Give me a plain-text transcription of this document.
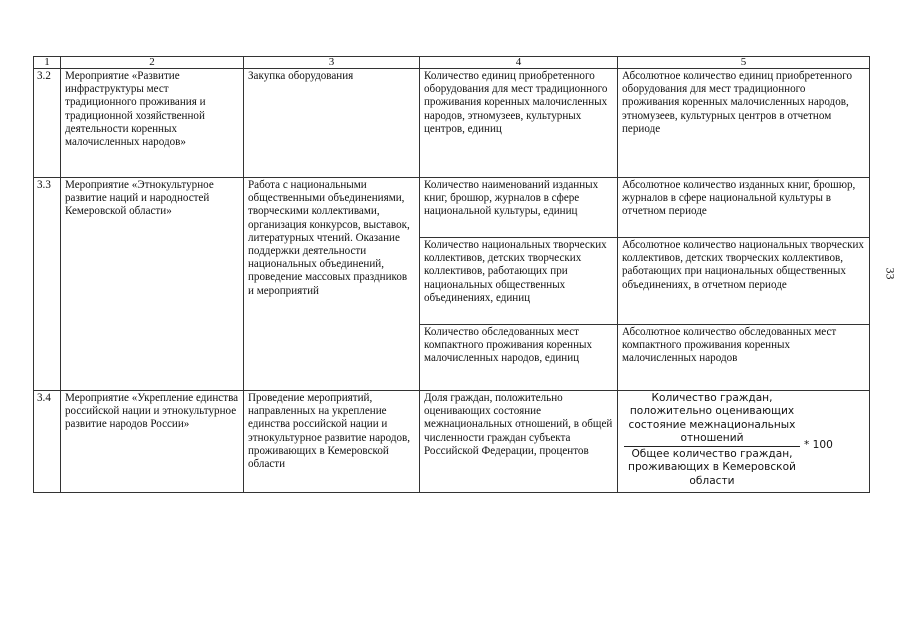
1	2	3	4	5
3.2	Мероприятие «Развитие инфраструктуры мест традиционного проживания и традиционной хозяйственной деятельности коренных малочисленных народов»	Закупка оборудования	Количество единиц приобретенного оборудования для мест традиционного проживания коренных малочисленных народов, этномузеев, культурных центров, единиц	Абсолютное количество единиц приобретенного оборудования для мест традиционного проживания коренных малочисленных народов, этномузеев, культурных центров в отчетном периоде
3.3	Мероприятие «Этнокультурное развитие наций и народностей Кемеровской области»	Работа с национальными общественными объединениями, творческими коллективами, организация конкурсов, выставок, литературных чтений. Оказание поддержки деятельности национальных объединений, проведение массовых праздников и мероприятий	Количество наименований изданных книг, брошюр, журналов в сфере национальной культуры, единиц	Абсолютное количество изданных книг, брошюр, журналов в сфере национальной культуры в отчетном периоде
			Количество национальных творческих коллективов, детских творческих коллективов, работающих при национальных общественных объединениях, единиц	Абсолютное количество национальных творческих коллективов, детских творческих коллективов, работающих при национальных общественных объединениях, в отчетном периоде
			Количество обследованных мест компактного проживания коренных малочисленных народов, единиц	Абсолютное количество обследованных мест компактного проживания коренных малочисленных народов
3.4	Мероприятие «Укрепление единства российской нации и этнокультурное развитие народов России»	Проведение мероприятий, направленных на укрепление единства российской нации и этнокультурное развитие народов, проживающих в Кемеровской области	Доля граждан, положительно оценивающих состояние межнациональных отношений, в общей численности граждан субъекта Российской Федерации, процентов	Количество граждан, положительно оценивающих состояние межнациональных отношений
Общее количество граждан, проживающих в Кемеровской области
* 100
33
